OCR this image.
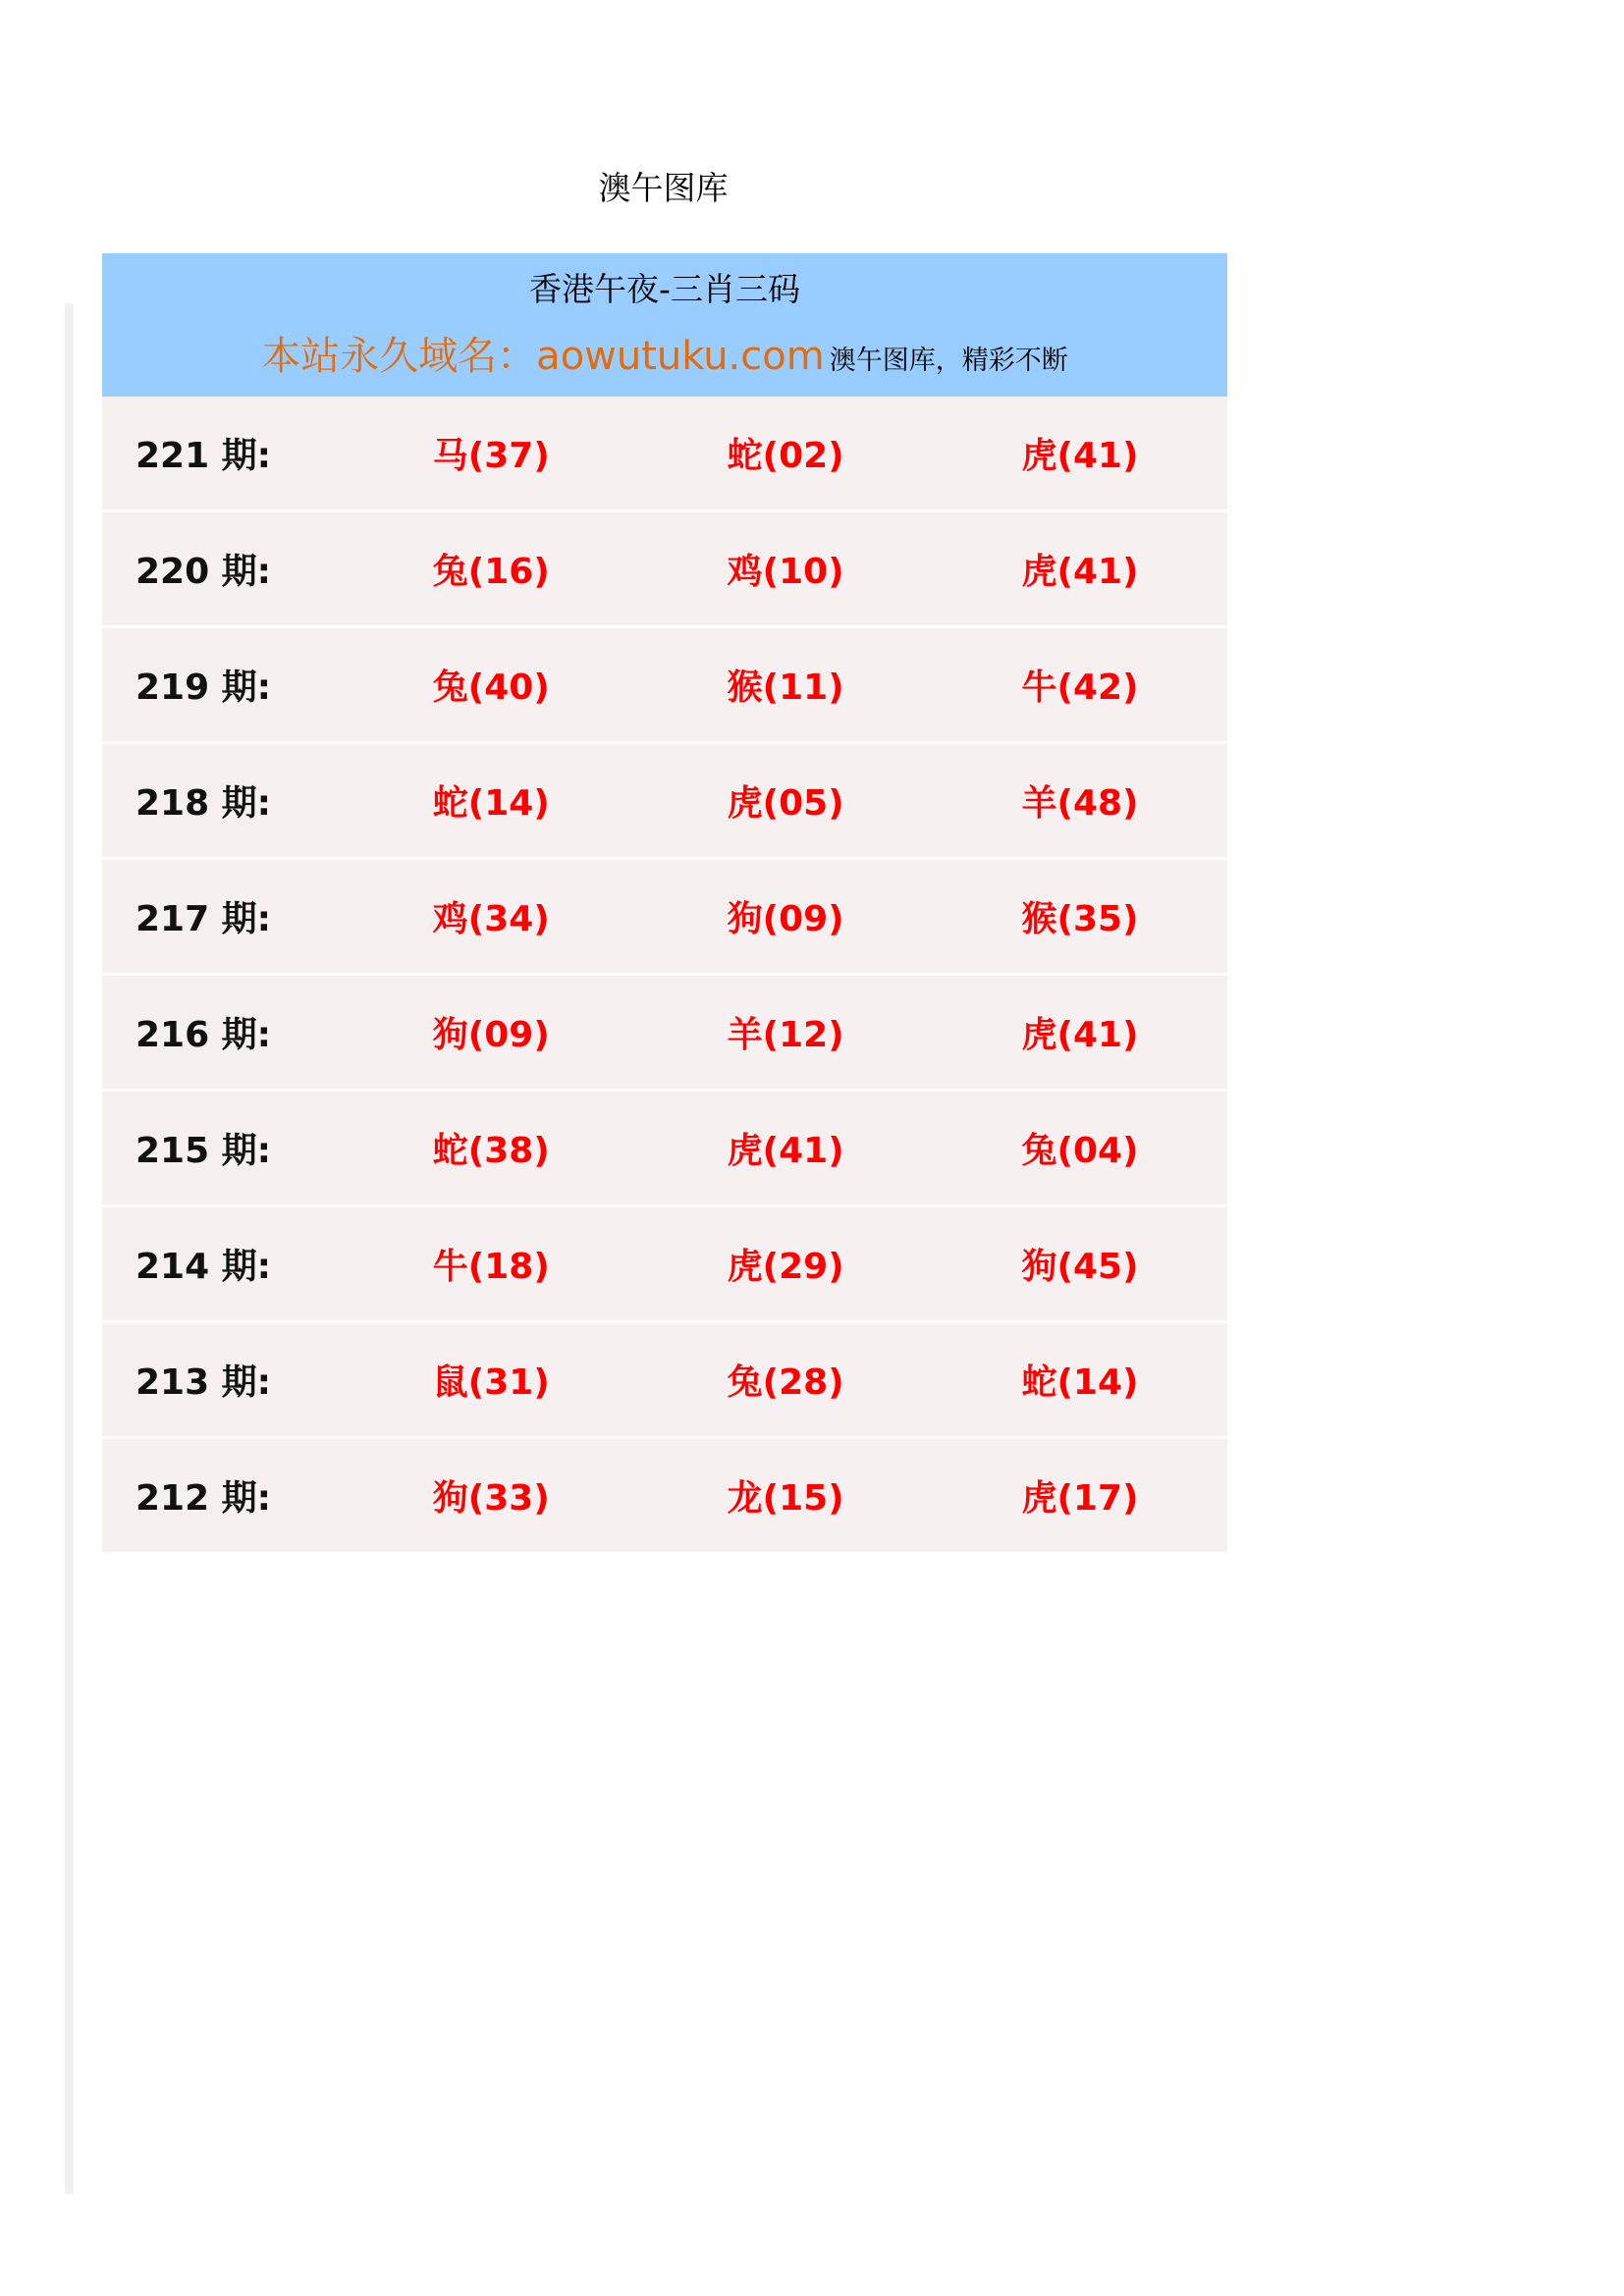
澳午图库
香港午夜-三肖三码
本站永久域名：aowutuku.com 澳午图库，精彩不断
221 期:	马(37)	蛇(02)	虎(41)
220 期:	兔(16)	鸡(10)	虎(41)
219 期:	兔(40)	猴(11)	牛(42)
218 期:	蛇(14)	虎(05)	羊(48)
217 期:	鸡(34)	狗(09)	猴(35)
216 期:	狗(09)	羊(12)	虎(41)
215 期:	蛇(38)	虎(41)	兔(04)
214 期:	牛(18)	虎(29)	狗(45)
213 期:	鼠(31)	兔(28)	蛇(14)
212 期:	狗(33)	龙(15)	虎(17)
